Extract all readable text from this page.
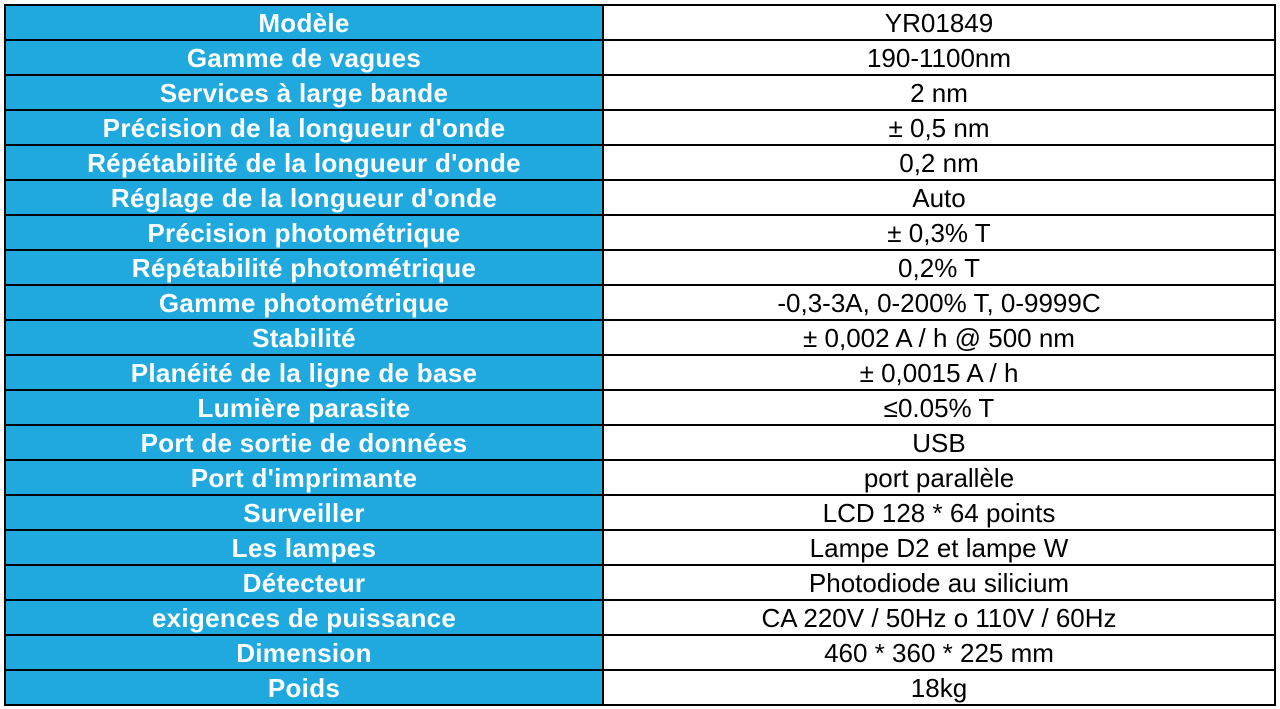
Modèle	YR01849

Gamme de vagues	190-1100nm

Services à large bande	2 nm

Précision de la longueur d'onde	± 0,5 nm

Répétabilité de la longueur d'onde	0,2 nm

Réglage de la longueur d'onde	Auto

Précision photométrique	± 0,3% T

Répétabilité photométrique	0,2% T

Gamme photométrique	-0,3-3A, 0-200% T, 0-9999C

Stabilité	± 0,002 A / h @ 500 nm

Planéité de la ligne de base	± 0,0015 A / h

Lumière parasite	≤0.05% T

Port de sortie de données	USB

Port d'imprimante	port parallèle

Surveiller	LCD 128 * 64 points

Les lampes	Lampe D2 et lampe W

Détecteur	Photodiode au silicium

exigences de puissance	CA 220V / 50Hz o 110V / 60Hz

Dimension	460 * 360 * 225 mm

Poids	18kg
